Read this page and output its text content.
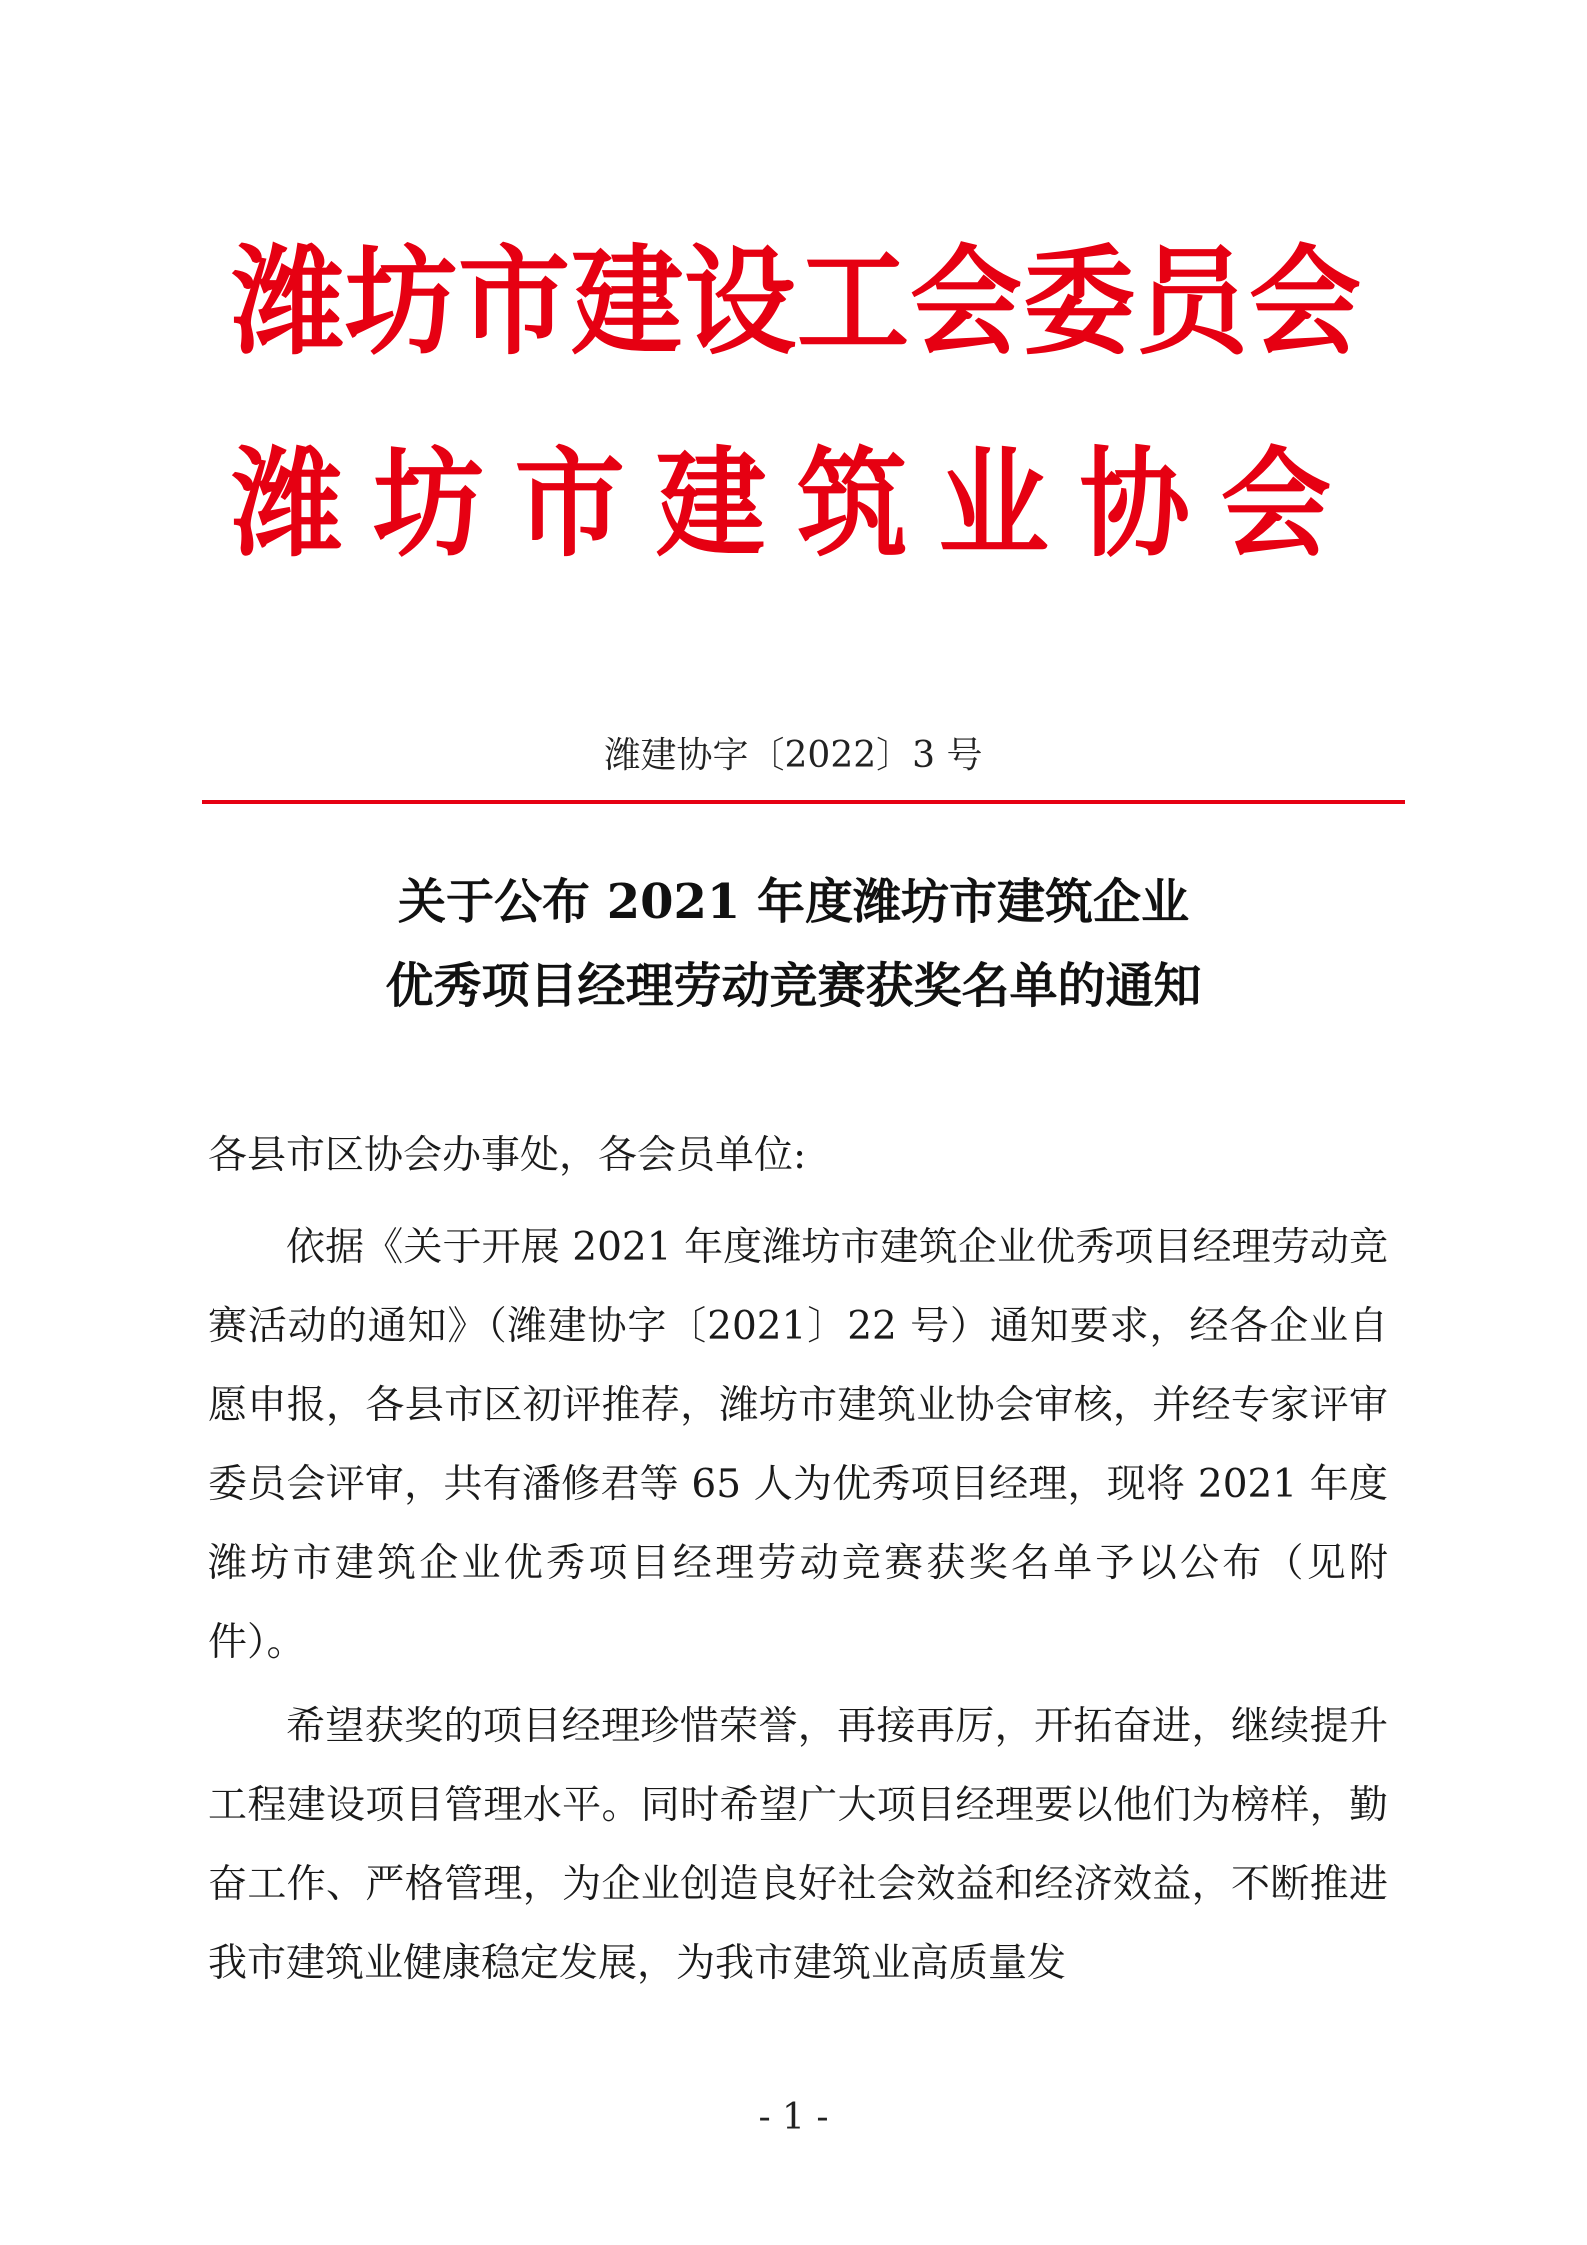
潍坊市建设工会委员会
潍坊市建筑业协会
潍建协字〔2022〕3 号
关于公布 2021 年度潍坊市建筑企业
优秀项目经理劳动竞赛获奖名单的通知
各县市区协会办事处，各会员单位:
依据《关于开展 2021 年度潍坊市建筑企业优秀项目经理劳动竞赛活动的通知》（潍建协字〔2021〕22 号）通知要求，经各企业自愿申报，各县市区初评推荐，潍坊市建筑业协会审核，并经专家评审委员会评审，共有潘修君等 65 人为优秀项目经理，现将 2021 年度潍坊市建筑企业优秀项目经理劳动竞赛获奖名单予以公布（见附件）。
希望获奖的项目经理珍惜荣誉，再接再厉，开拓奋进，继续提升工程建设项目管理水平。同时希望广大项目经理要以他们为榜样，勤奋工作、严格管理，为企业创造良好社会效益和经济效益，不断推进我市建筑业健康稳定发展，为我市建筑业高质量发
- 1 -
